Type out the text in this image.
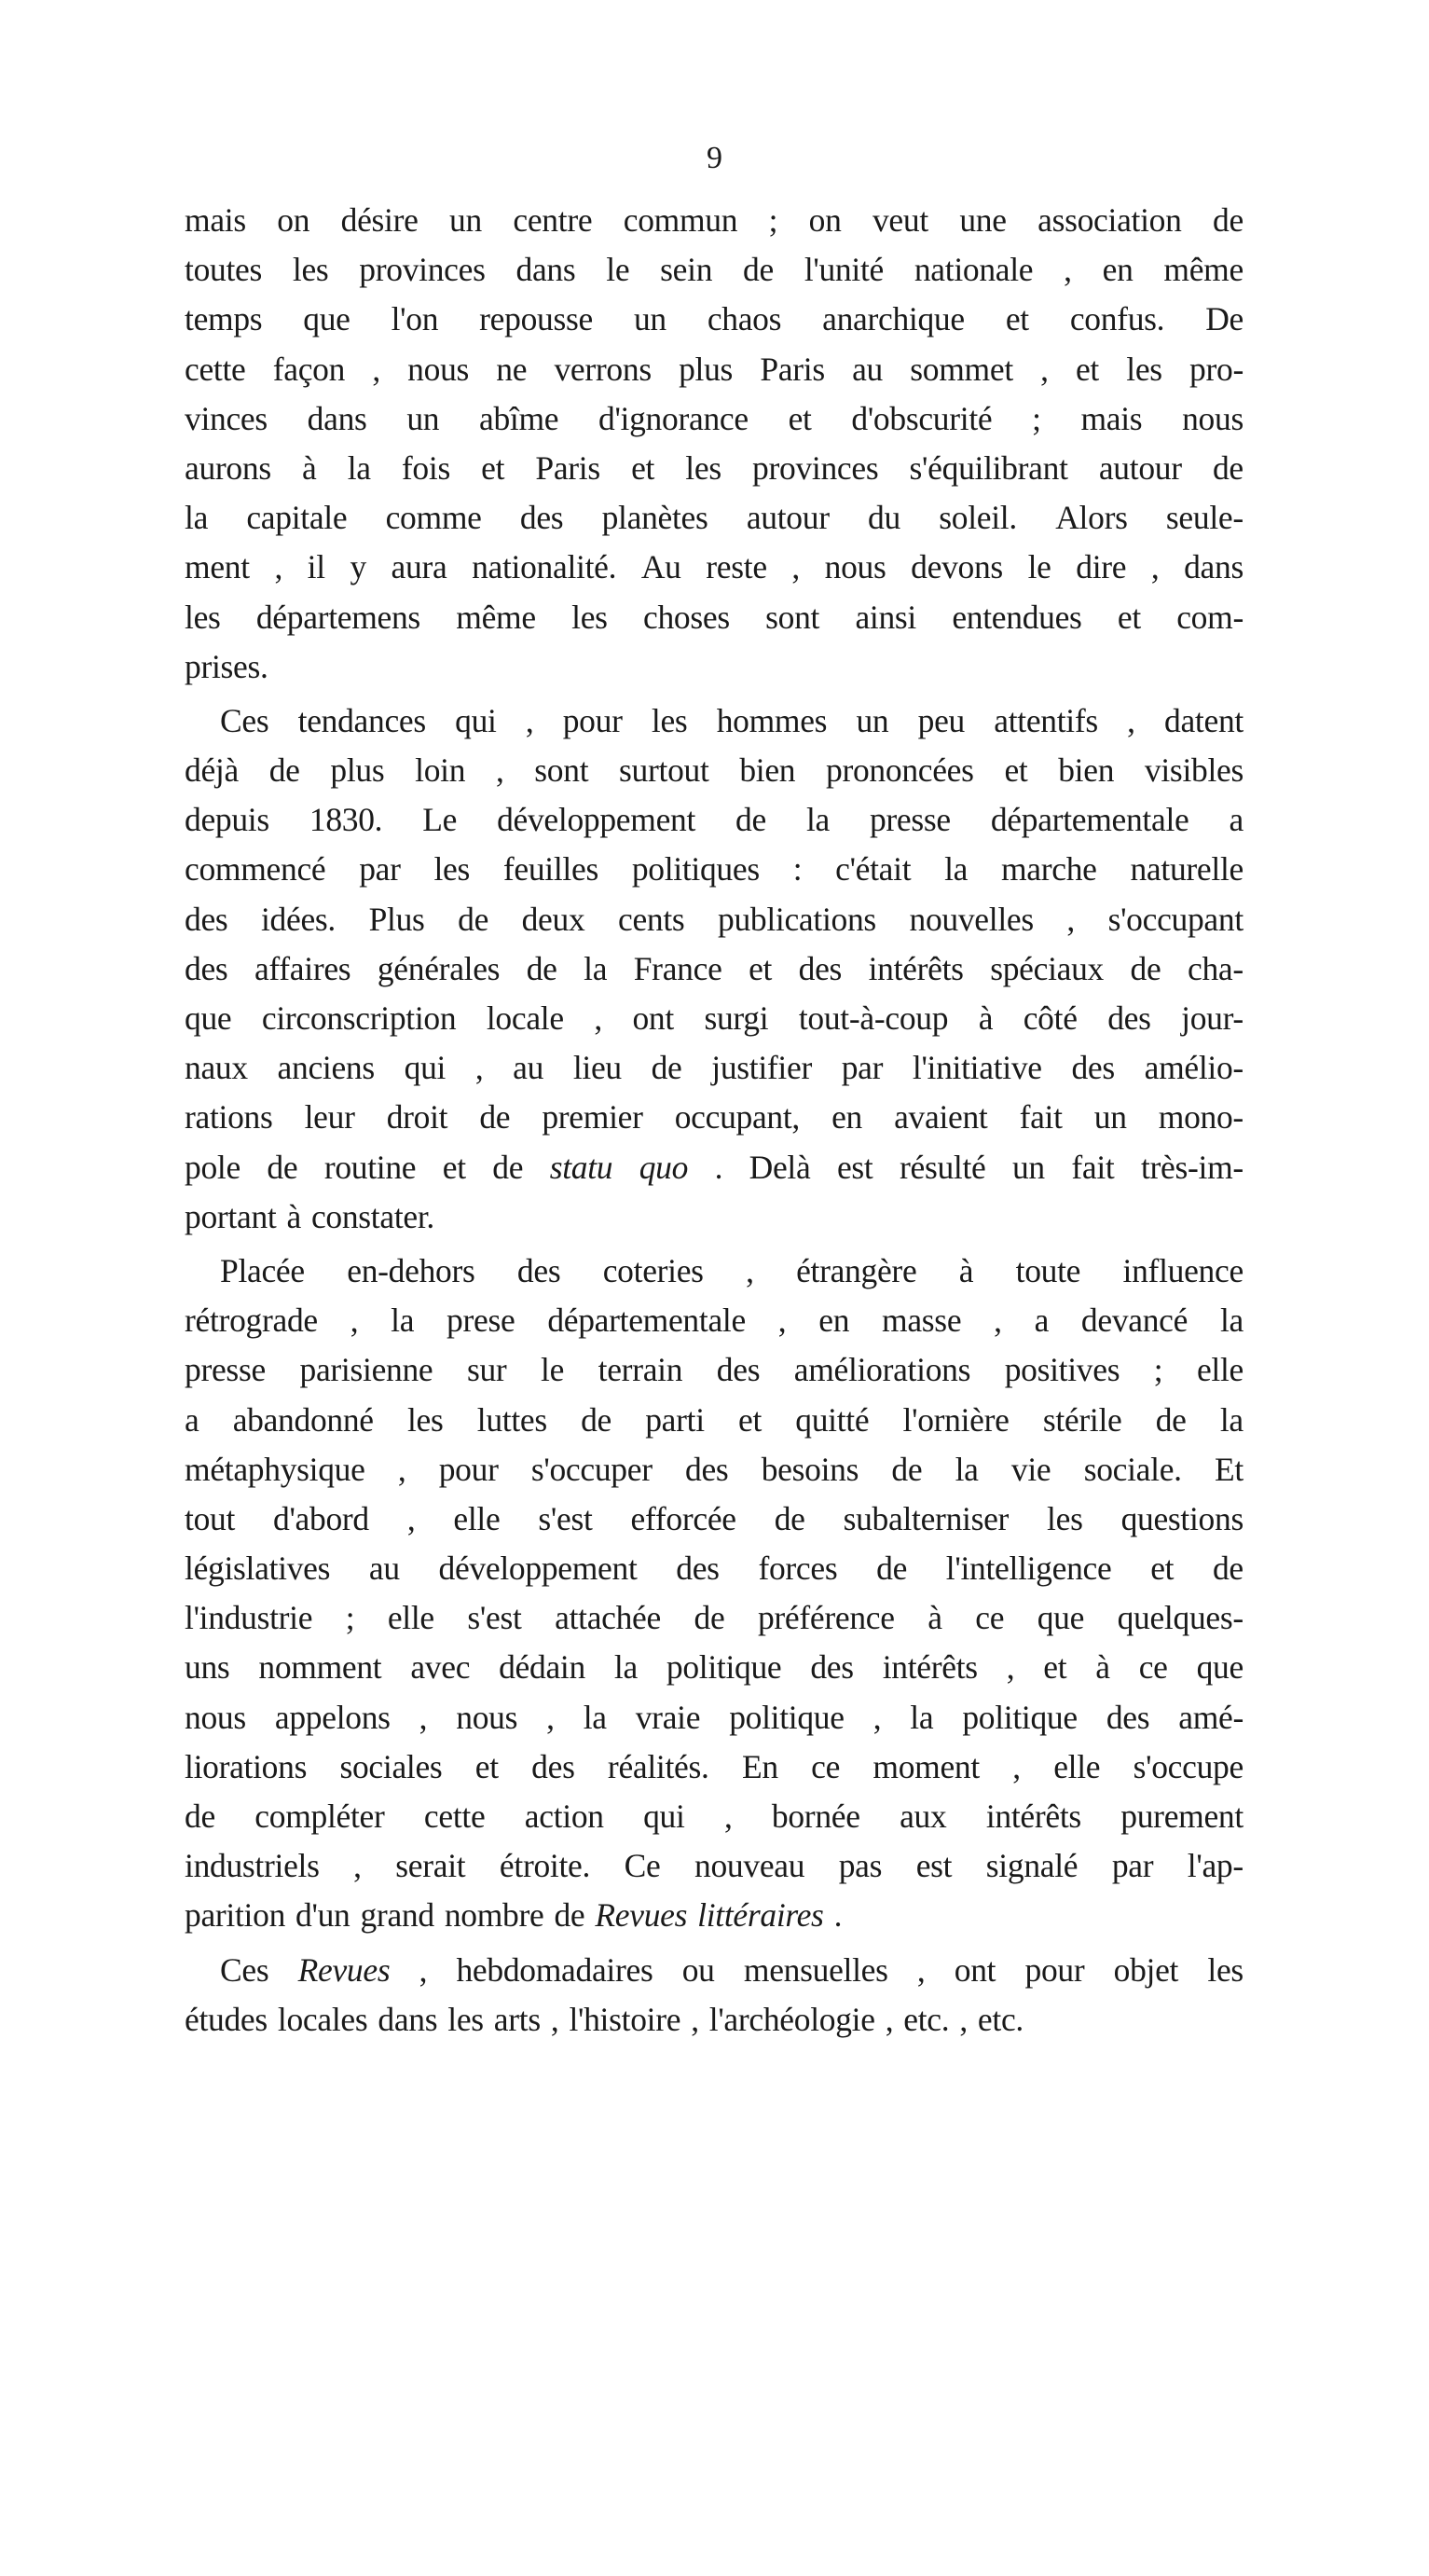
9
mais on désire un centre commun ; on veut une association de
toutes les provinces dans le sein de l'unité nationale , en même
temps que l'on repousse un chaos anarchique et confus. De
cette façon , nous ne verrons plus Paris au sommet , et les pro-
vinces dans un abîme d'ignorance et d'obscurité ; mais nous
aurons à la fois et Paris et les provinces s'équilibrant autour de
la capitale comme des planètes autour du soleil. Alors seule-
ment , il y aura nationalité. Au reste , nous devons le dire , dans
les départemens même les choses sont ainsi entendues et com-
prises.
Ces tendances qui , pour les hommes un peu attentifs , datent
déjà de plus loin , sont surtout bien prononcées et bien visibles
depuis 1830. Le développement de la presse départementale a
commencé par les feuilles politiques : c'était la marche naturelle
des idées. Plus de deux cents publications nouvelles , s'occupant
des affaires générales de la France et des intérêts spéciaux de cha-
que circonscription locale , ont surgi tout-à-coup à côté des jour-
naux anciens qui , au lieu de justifier par l'initiative des amélio-
rations leur droit de premier occupant, en avaient fait un mono-
pole de routine et de statu quo . Delà est résulté un fait très-im-
portant à constater.
Placée en-dehors des coteries , étrangère à toute influence
rétrograde , la prese départementale , en masse , a devancé la
presse parisienne sur le terrain des améliorations positives ; elle
a abandonné les luttes de parti et quitté l'ornière stérile de la
métaphysique , pour s'occuper des besoins de la vie sociale. Et
tout d'abord , elle s'est efforcée de subalterniser les questions
législatives au développement des forces de l'intelligence et de
l'industrie ; elle s'est attachée de préférence à ce que quelques-
uns nomment avec dédain la politique des intérêts , et à ce que
nous appelons , nous , la vraie politique , la politique des amé-
liorations sociales et des réalités. En ce moment , elle s'occupe
de compléter cette action qui , bornée aux intérêts purement
industriels , serait étroite. Ce nouveau pas est signalé par l'ap-
parition d'un grand nombre de Revues littéraires .
Ces Revues , hebdomadaires ou mensuelles , ont pour objet les
études locales dans les arts , l'histoire , l'archéologie , etc. , etc.
